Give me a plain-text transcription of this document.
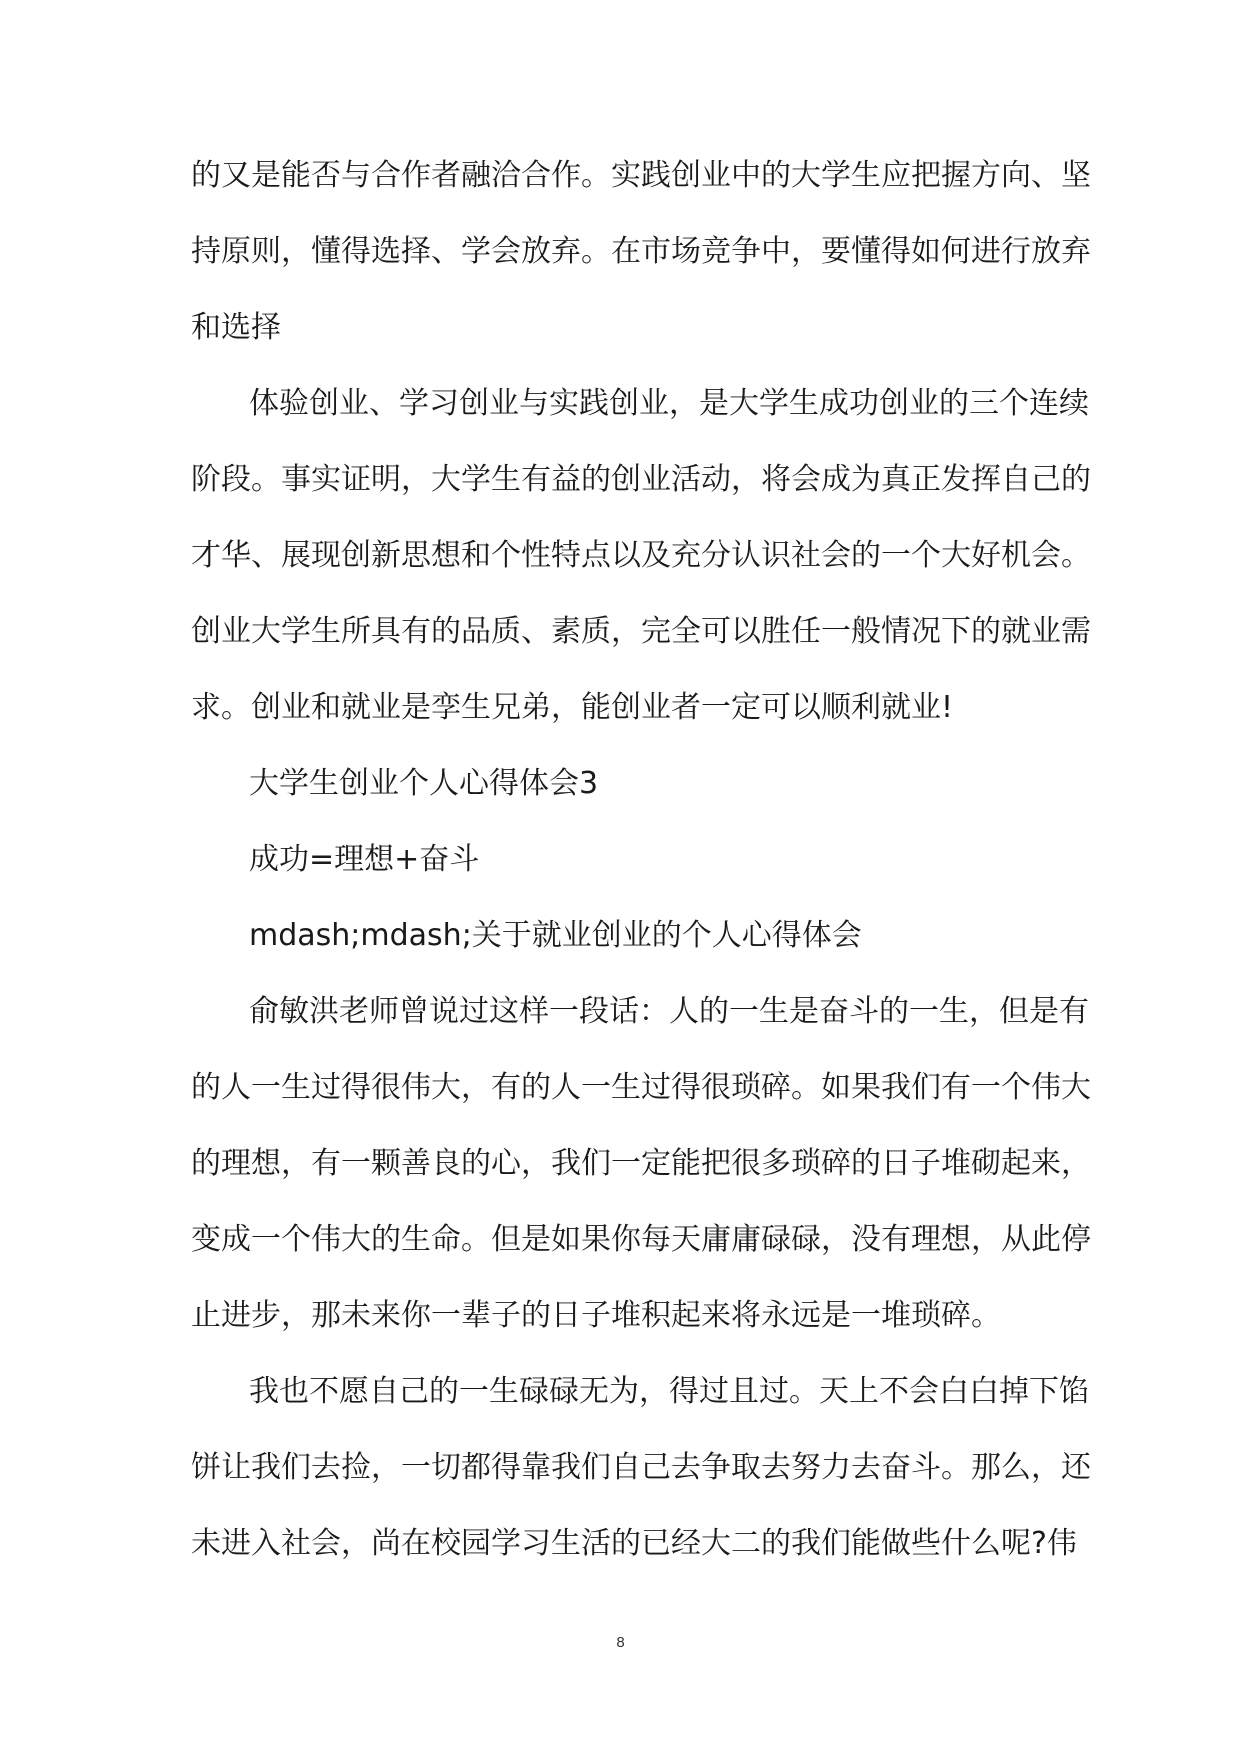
的又是能否与合作者融洽合作。实践创业中的大学生应把握方向、坚
持原则，懂得选择、学会放弃。在市场竞争中，要懂得如何进行放弃
和选择
体验创业、学习创业与实践创业，是大学生成功创业的三个连续
阶段。事实证明，大学生有益的创业活动，将会成为真正发挥自己的
才华、展现创新思想和个性特点以及充分认识社会的一个大好机会。
创业大学生所具有的品质、素质，完全可以胜任一般情况下的就业需
求。创业和就业是孪生兄弟，能创业者一定可以顺利就业!
大学生创业个人心得体会3
成功=理想+奋斗
mdash;mdash;关于就业创业的个人心得体会
俞敏洪老师曾说过这样一段话：人的一生是奋斗的一生，但是有
的人一生过得很伟大，有的人一生过得很琐碎。如果我们有一个伟大
的理想，有一颗善良的心，我们一定能把很多琐碎的日子堆砌起来，
变成一个伟大的生命。但是如果你每天庸庸碌碌，没有理想，从此停
止进步，那未来你一辈子的日子堆积起来将永远是一堆琐碎。
我也不愿自己的一生碌碌无为，得过且过。天上不会白白掉下馅
饼让我们去捡，一切都得靠我们自己去争取去努力去奋斗。那么，还
未进入社会，尚在校园学习生活的已经大二的我们能做些什么呢?伟
8
